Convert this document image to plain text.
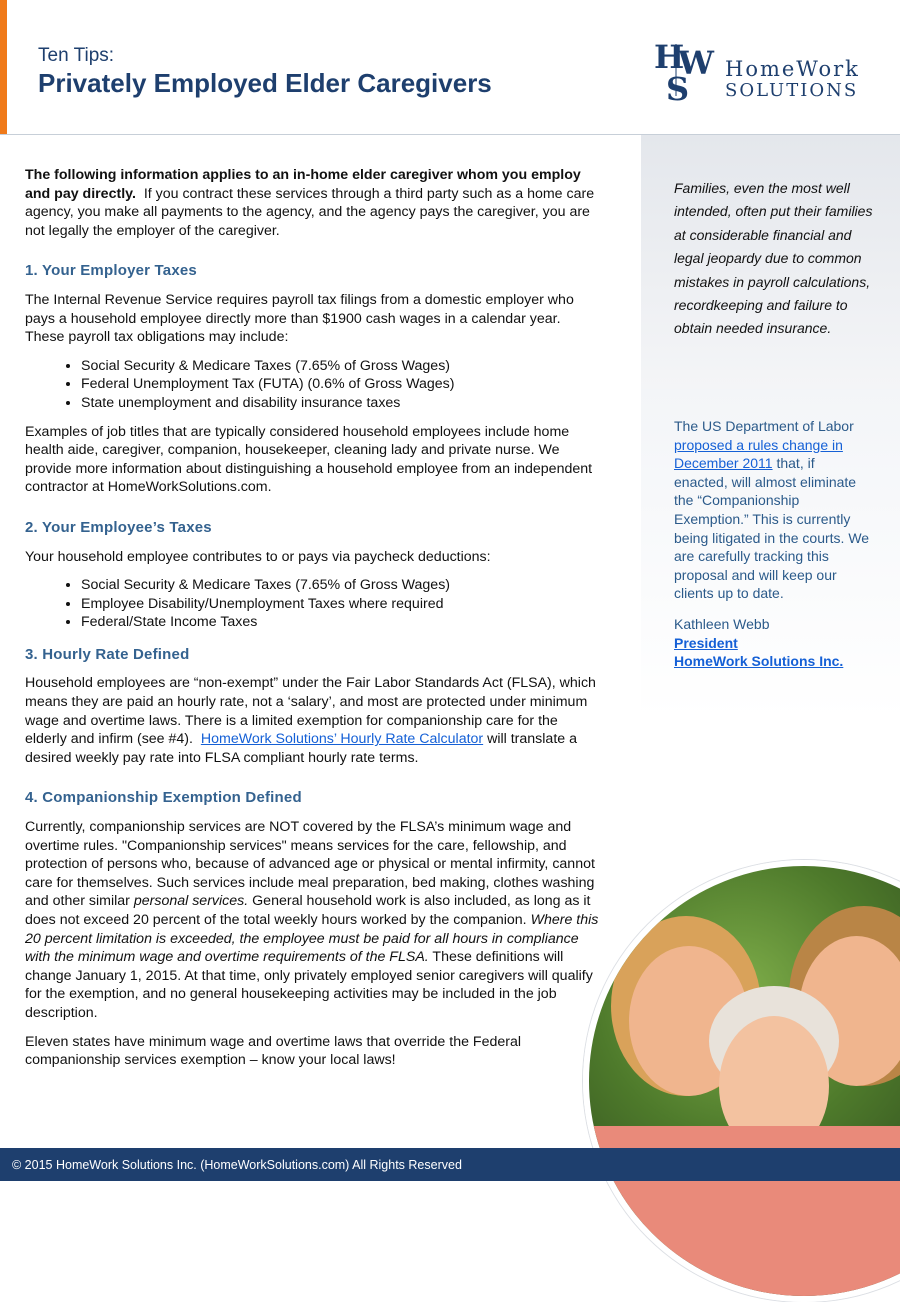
Ten Tips:
Privately Employed Elder Caregivers
H
W
S
HomeWork
SOLUTIONS

The following information applies to an in-home elder caregiver whom you employ and pay directly. If you contract these services through a third party such as a home care agency, you make all payments to the agency, and the agency pays the caregiver, you are not legally the employer of the caregiver.

1. Your Employer Taxes

The Internal Revenue Service requires payroll tax filings from a domestic employer who pays a household employee directly more than $1900 cash wages in a calendar year. These payroll tax obligations may include:

• Social Security & Medicare Taxes (7.65% of Gross Wages)
• Federal Unemployment Tax (FUTA) (0.6% of Gross Wages)
• State unemployment and disability insurance taxes

Examples of job titles that are typically considered household employees include home health aide, caregiver, companion, housekeeper, cleaning lady and private nurse. We provide more information about distinguishing a household employee from an independent contractor at HomeWorkSolutions.com.

2. Your Employee’s Taxes

Your household employee contributes to or pays via paycheck deductions:

• Social Security & Medicare Taxes (7.65% of Gross Wages)
• Employee Disability/Unemployment Taxes where required
• Federal/State Income Taxes
3. Hourly Rate Defined

Household employees are “non-exempt” under the Fair Labor Standards Act (FLSA), which means they are paid an hourly rate, not a ‘salary’, and most are protected under minimum wage and overtime laws. There is a limited exemption for companionship care for the elderly and infirm (see #4). HomeWork Solutions’ Hourly Rate Calculator will translate a desired weekly pay rate into FLSA compliant hourly rate terms.

4. Companionship Exemption Defined

Currently, companionship services are NOT covered by the FLSA’s minimum wage and overtime rules. "Companionship services" means services for the care, fellowship, and protection of persons who, because of advanced age or physical or mental infirmity, cannot care for themselves. Such services include meal preparation, bed making, clothes washing and other similar personal services. General household work is also included, as long as it does not exceed 20 percent of the total weekly hours worked by the companion. Where this 20 percent limitation is exceeded, the employee must be paid for all hours in compliance with the minimum wage and overtime requirements of the FLSA. These definitions will change January 1, 2015. At that time, only privately employed senior caregivers will qualify for the exemption, and no general housekeeping activities may be included in the job description.

Eleven states have minimum wage and overtime laws that override the Federal companionship services exemption – know your local laws!

Families, even the most well intended, often put their families at considerable financial and legal jeopardy due to common mistakes in payroll calculations, recordkeeping and failure to obtain needed insurance.
The US Department of Labor proposed a rules change in December 2011 that, if enacted, will almost eliminate the “Companionship Exemption.” This is currently being litigated in the courts. We are carefully tracking this proposal and will keep our clients up to date.
Kathleen Webb
President
HomeWork Solutions Inc.
© 2015 HomeWork Solutions Inc. (HomeWorkSolutions.com) All Rights Reserved
